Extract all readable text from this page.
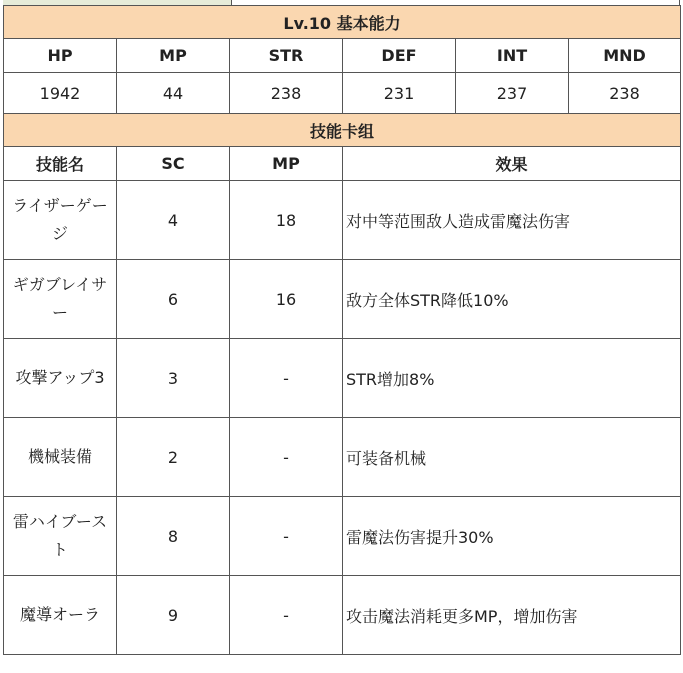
Lv.10 基本能力					
HP	MP	STR	DEF	INT	MND
1942	44	238	231	237	238
技能卡组					
技能名	SC	MP	效果		
ライザーゲージ	4	18	对中等范围敌人造成雷魔法伤害		
ギガブレイサー	6	16	敌方全体STR降低10%		
攻撃アップ3	3	-	STR增加8%		
機械装備	2	-	可装备机械		
雷ハイブースト	8	-	雷魔法伤害提升30%		
魔導オーラ	9	-	攻击魔法消耗更多MP，增加伤害		
